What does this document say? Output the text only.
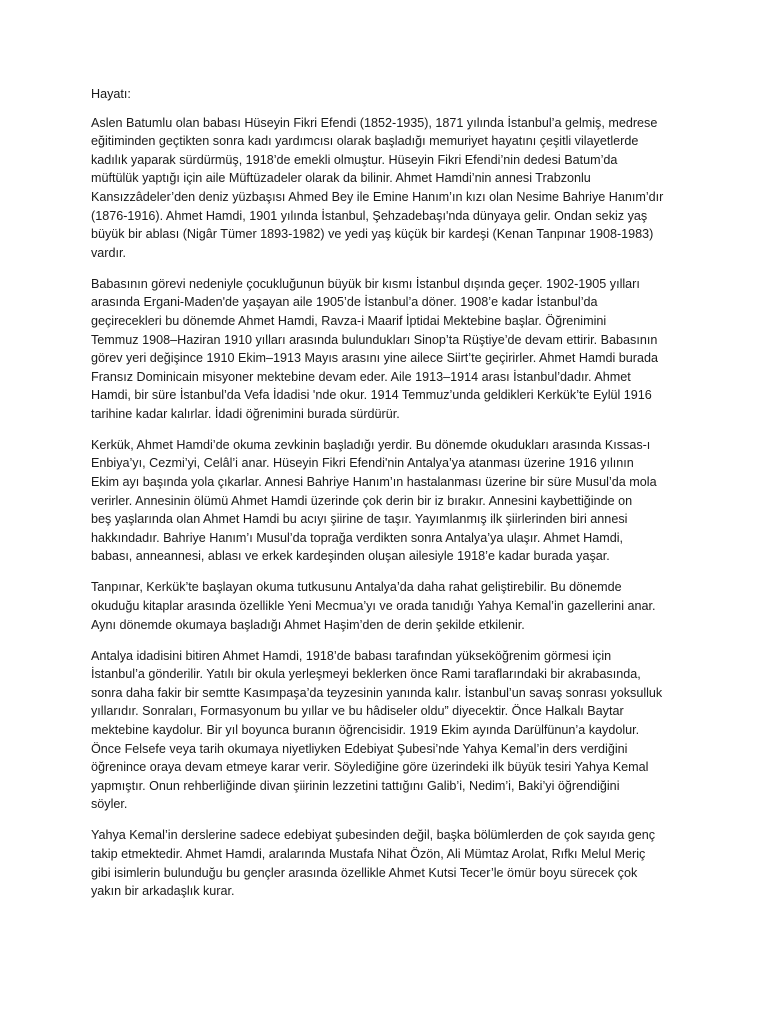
Hayatı:

Aslen Batumlu olan babası Hüseyin Fikri Efendi (1852-1935), 1871 yılında İstanbul’a gelmiş, medrese
eğitiminden geçtikten sonra kadı yardımcısı olarak başladığı memuriyet hayatını çeşitli vilayetlerde
kadılık yaparak sürdürmüş, 1918’de emekli olmuştur. Hüseyin Fikri Efendi’nin dedesi Batum’da
müftülük yaptığı için aile Müftüzadeler olarak da bilinir. Ahmet Hamdi’nin annesi Trabzonlu
Kansızzâdeler’den deniz yüzbaşısı Ahmed Bey ile Emine Hanım’ın kızı olan Nesime Bahriye Hanım’dır
(1876-1916). Ahmet Hamdi, 1901 yılında İstanbul, Şehzadebaşı'nda dünyaya gelir. Ondan sekiz yaş
büyük bir ablası (Nigâr Tümer 1893-1982) ve yedi yaş küçük bir kardeşi (Kenan Tanpınar 1908-1983)
vardır.

Babasının görevi nedeniyle çocukluğunun büyük bir kısmı İstanbul dışında geçer. 1902-1905 yılları
arasında Ergani-Maden'de yaşayan aile 1905’de İstanbul’a döner. 1908’e kadar İstanbul’da
geçirecekleri bu dönemde Ahmet Hamdi, Ravza-i Maarif İptidai Mektebine başlar. Öğrenimini
Temmuz 1908–Haziran 1910 yılları arasında bulundukları Sinop’ta Rüştiye’de devam ettirir. Babasının
görev yeri değişince 1910 Ekim–1913 Mayıs arasını yine ailece Siirt’te geçirirler. Ahmet Hamdi burada
Fransız Dominicain misyoner mektebine devam eder. Aile 1913–1914 arası İstanbul’dadır. Ahmet
Hamdi, bir süre İstanbul’da Vefa İdadisi 'nde okur. 1914 Temmuz’unda geldikleri Kerkük’te Eylül 1916
tarihine kadar kalırlar. İdadi öğrenimini burada sürdürür.

Kerkük, Ahmet Hamdi’de okuma zevkinin başladığı yerdir. Bu dönemde okudukları arasında Kıssas-ı
Enbiya’yı, Cezmi’yi, Celâl’i anar. Hüseyin Fikri Efendi'nin Antalya’ya atanması üzerine 1916 yılının
Ekim ayı başında yola çıkarlar. Annesi Bahriye Hanım’ın hastalanması üzerine bir süre Musul’da mola
verirler. Annesinin ölümü Ahmet Hamdi üzerinde çok derin bir iz bırakır. Annesini kaybettiğinde on
beş yaşlarında olan Ahmet Hamdi bu acıyı şiirine de taşır. Yayımlanmış ilk şiirlerinden biri annesi
hakkındadır. Bahriye Hanım’ı Musul’da toprağa verdikten sonra Antalya’ya ulaşır. Ahmet Hamdi,
babası, anneannesi, ablası ve erkek kardeşinden oluşan ailesiyle 1918’e kadar burada yaşar.

Tanpınar, Kerkük’te başlayan okuma tutkusunu Antalya’da daha rahat geliştirebilir. Bu dönemde
okuduğu kitaplar arasında özellikle Yeni Mecmua’yı ve orada tanıdığı Yahya Kemal’in gazellerini anar.
Aynı dönemde okumaya başladığı Ahmet Haşim’den de derin şekilde etkilenir.

Antalya idadisini bitiren Ahmet Hamdi, 1918’de babası tarafından yükseköğrenim görmesi için
İstanbul’a gönderilir. Yatılı bir okula yerleşmeyi beklerken önce Rami taraflarındaki bir akrabasında,
sonra daha fakir bir semtte Kasımpaşa’da teyzesinin yanında kalır. İstanbul’un savaş sonrası yoksulluk
yıllarıdır. Sonraları, Formasyonum bu yıllar ve bu hâdiseler oldu” diyecektir. Önce Halkalı Baytar
mektebine kaydolur. Bir yıl boyunca buranın öğrencisidir. 1919 Ekim ayında Darülfünun’a kaydolur.
Önce Felsefe veya tarih okumaya niyetliyken Edebiyat Şubesi’nde Yahya Kemal’in ders verdiğini
öğrenince oraya devam etmeye karar verir. Söylediğine göre üzerindeki ilk büyük tesiri Yahya Kemal
yapmıştır. Onun rehberliğinde divan şiirinin lezzetini tattığını Galib’i, Nedim’i, Baki’yi öğrendiğini
söyler.

Yahya Kemal’in derslerine sadece edebiyat şubesinden değil, başka bölümlerden de çok sayıda genç
takip etmektedir. Ahmet Hamdi, aralarında Mustafa Nihat Özön, Ali Mümtaz Arolat, Rıfkı Melul Meriç
gibi isimlerin bulunduğu bu gençler arasında özellikle Ahmet Kutsi Tecer’le ömür boyu sürecek çok
yakın bir arkadaşlık kurar.
